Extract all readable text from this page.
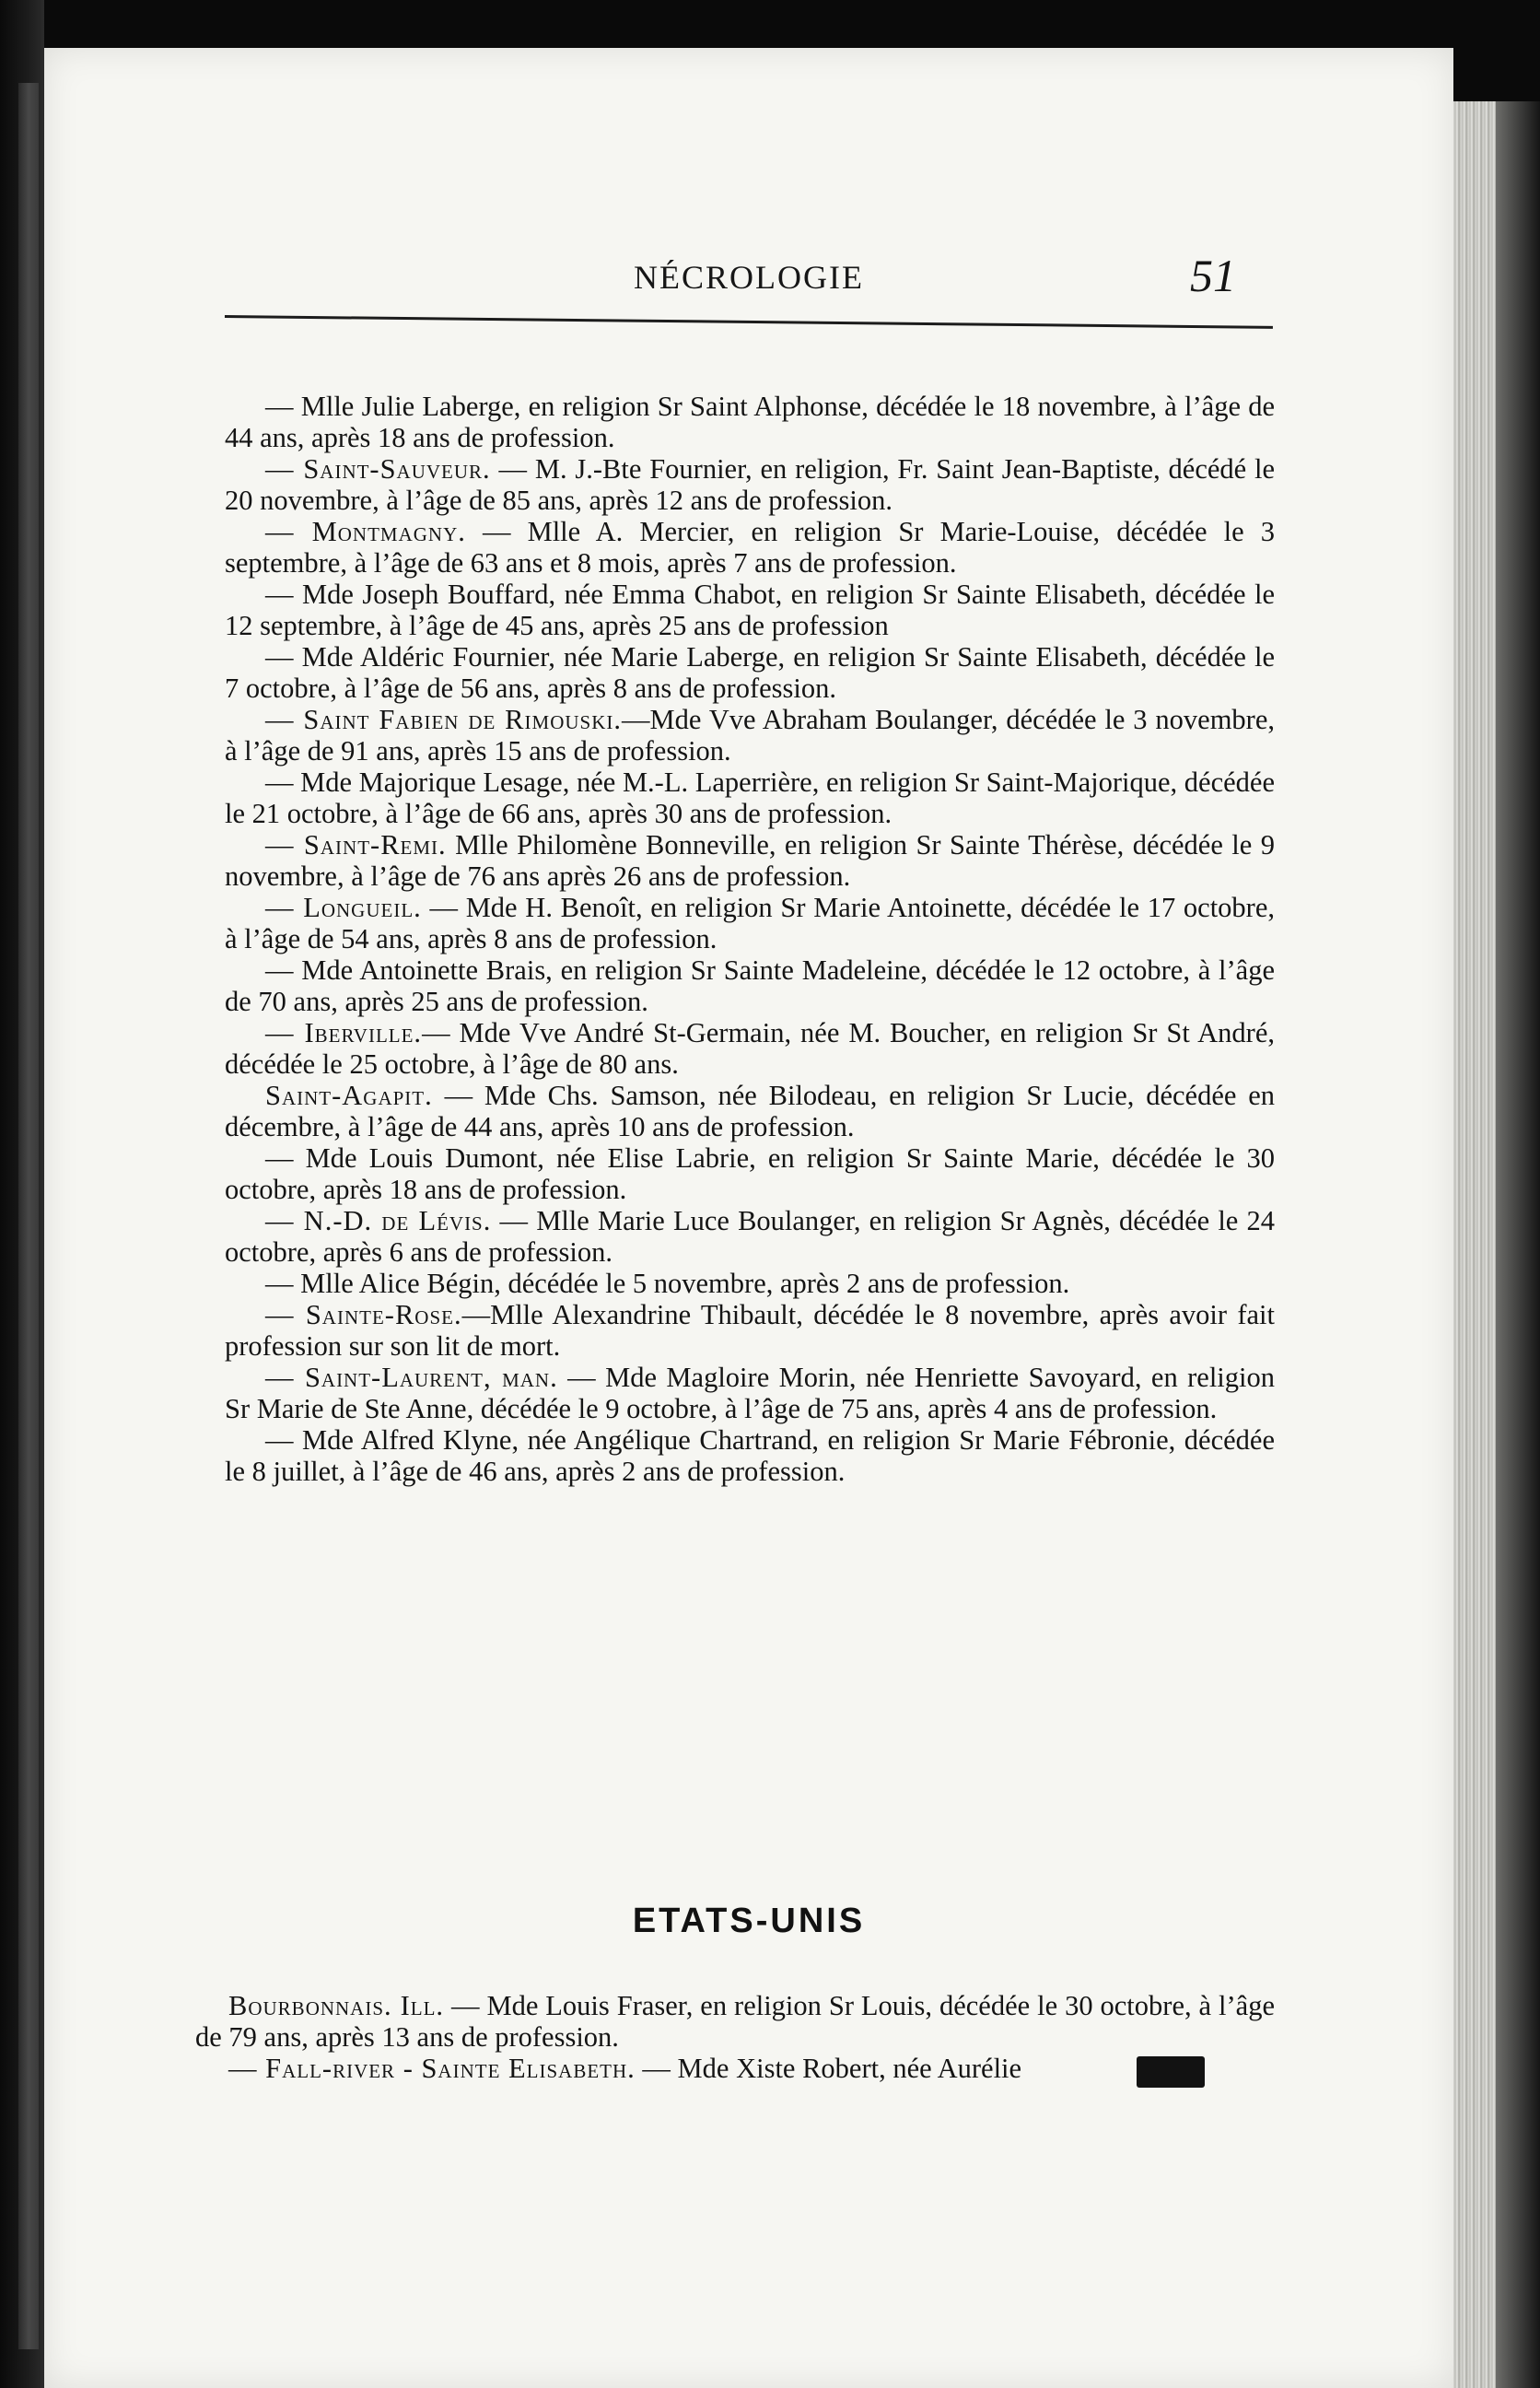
NÉCROLOGIE	51

— Mlle Julie Laberge, en religion Sr Saint Alphonse, décédée le 18 novembre, à l’âge de 44 ans, après 18 ans de profession.

— Saint-Sauveur. — M. J.-Bte Fournier, en religion, Fr. Saint Jean-Baptiste, décédé le 20 novembre, à l’âge de 85 ans, après 12 ans de profession.

— Montmagny. — Mlle A. Mercier, en religion Sr Marie-Louise, décédée le 3 septembre, à l’âge de 63 ans et 8 mois, après 7 ans de profession.

— Mde Joseph Bouffard, née Emma Chabot, en religion Sr Sainte Elisabeth, décédée le 12 septembre, à l’âge de 45 ans, après 25 ans de profession

— Mde Aldéric Fournier, née Marie Laberge, en religion Sr Sainte Elisabeth, décédée le 7 octobre, à l’âge de 56 ans, après 8 ans de profession.

— Saint Fabien de Rimouski.—Mde Vve Abraham Boulanger, décédée le 3 novembre, à l’âge de 91 ans, après 15 ans de profession.

— Mde Majorique Lesage, née M.-L. Laperrière, en religion Sr Saint-Majorique, décédée le 21 octobre, à l’âge de 66 ans, après 30 ans de profession.

— Saint-Remi. Mlle Philomène Bonneville, en religion Sr Sainte Thérèse, décédée le 9 novembre, à l’âge de 76 ans après 26 ans de profession.

— Longueil. — Mde H. Benoît, en religion Sr Marie Antoinette, décédée le 17 octobre, à l’âge de 54 ans, après 8 ans de profession.

— Mde Antoinette Brais, en religion Sr Sainte Madeleine, décédée le 12 octobre, à l’âge de 70 ans, après 25 ans de profession.

— Iberville.— Mde Vve André St-Germain, née M. Boucher, en religion Sr St André, décédée le 25 octobre, à l’âge de 80 ans.

Saint-Agapit. — Mde Chs. Samson, née Bilodeau, en religion Sr Lucie, décédée en décembre, à l’âge de 44 ans, après 10 ans de profession.

— Mde Louis Dumont, née Elise Labrie, en religion Sr Sainte Marie, décédée le 30 octobre, après 18 ans de profession.

— N.-D. de Lévis. — Mlle Marie Luce Boulanger, en religion Sr Agnès, décédée le 24 octobre, après 6 ans de profession.

— Mlle Alice Bégin, décédée le 5 novembre, après 2 ans de profession.

— Sainte-Rose.—Mlle Alexandrine Thibault, décédée le 8 novembre, après avoir fait profession sur son lit de mort.

— Saint-Laurent, man. — Mde Magloire Morin, née Henriette Savoyard, en religion Sr Marie de Ste Anne, décédée le 9 octobre, à l’âge de 75 ans, après 4 ans de profession.

— Mde Alfred Klyne, née Angélique Chartrand, en religion Sr Marie Fébronie, décédée le 8 juillet, à l’âge de 46 ans, après 2 ans de profession.

ETATS-UNIS

Bourbonnais. Ill. — Mde Louis Fraser, en religion Sr Louis, décédée le 30 octobre, à l’âge de 79 ans, après 13 ans de profession.

— Fall-river - Sainte Elisabeth. — Mde Xiste Robert, née Aurélie
